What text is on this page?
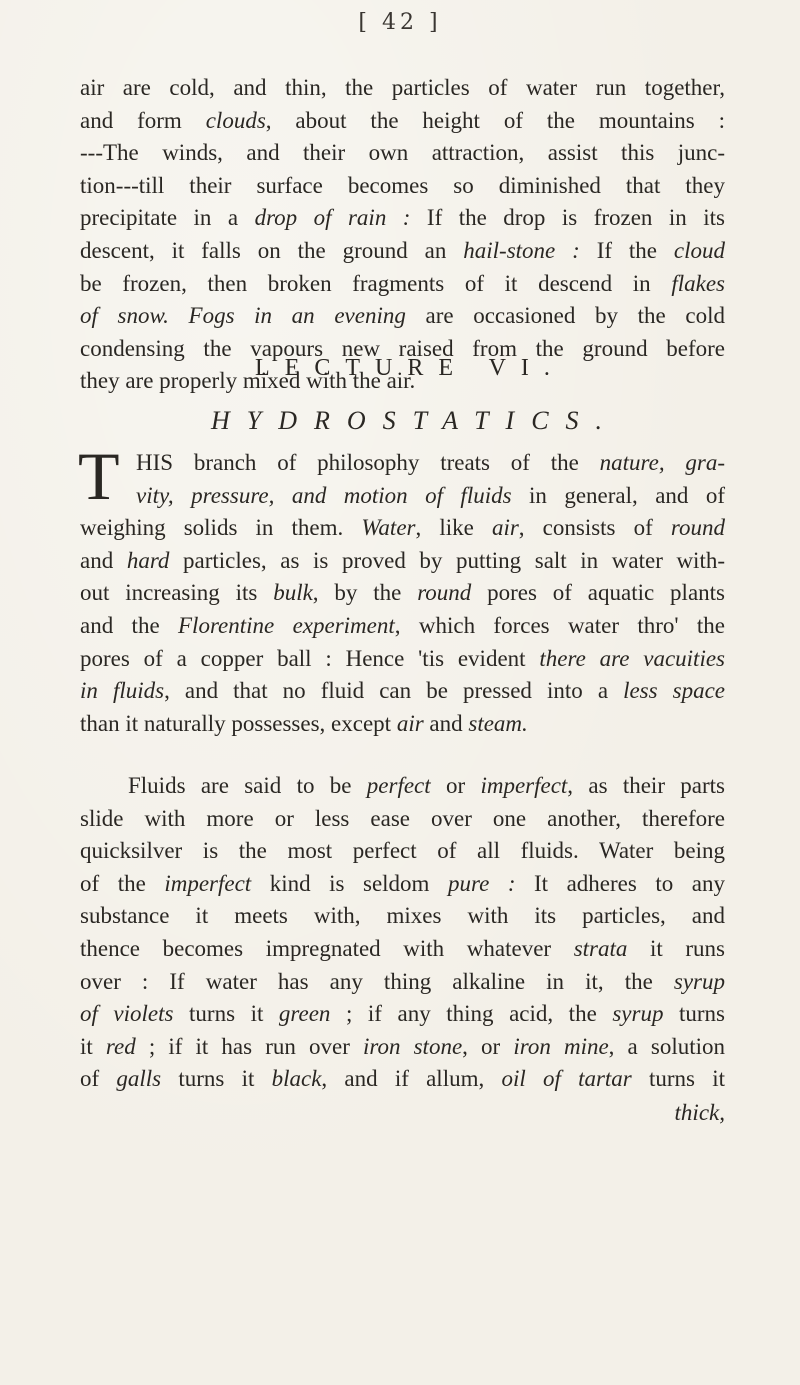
[ 42 ]
air are cold, and thin, the particles of water run together,
and form clouds, about the height of the mountains :
---The winds, and their own attraction, assist this junc-
tion---till their surface becomes so diminished that they
precipitate in a drop of rain : If the drop is frozen in its
descent, it falls on the ground an hail-stone : If the cloud
be frozen, then broken fragments of it descend in flakes
of snow. Fogs in an evening are occasioned by the cold
condensing the vapours new raised from the ground before
they are properly mixed with the air.
LECTURE VI.
HYDROSTATICS.
T HIS branch of philosophy treats of the nature, gra-
vity, pressure, and motion of fluids in general, and of
weighing solids in them. Water, like air, consists of round
and hard particles, as is proved by putting salt in water with-
out increasing its bulk, by the round pores of aquatic plants
and the Florentine experiment, which forces water thro' the
pores of a copper ball : Hence 'tis evident there are vacuities
in fluids, and that no fluid can be pressed into a less space
than it naturally possesses, except air and steam.
Fluids are said to be perfect or imperfect, as their parts
slide with more or less ease over one another, therefore
quicksilver is the most perfect of all fluids. Water being
of the imperfect kind is seldom pure : It adheres to any
substance it meets with, mixes with its particles, and
thence becomes impregnated with whatever strata it runs
over : If water has any thing alkaline in it, the syrup
of violets turns it green ; if any thing acid, the syrup turns
it red ; if it has run over iron stone, or iron mine, a solution
of galls turns it black, and if allum, oil of tartar turns it
thick,
